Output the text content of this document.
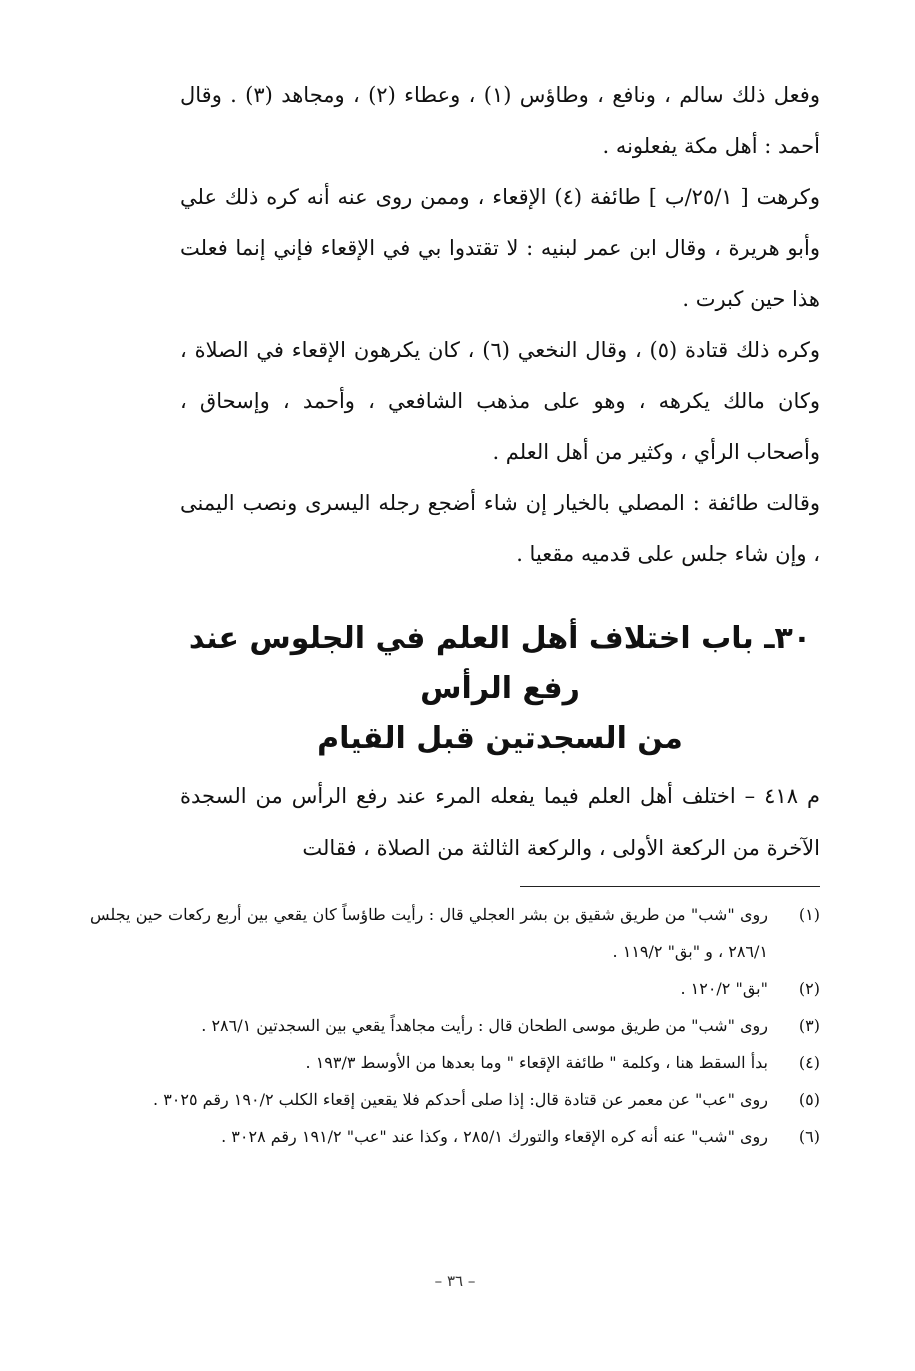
وفعل ذلك سالم ، ونافع ، وطاؤس (١) ، وعطاء (٢) ، ومجاهد (٣) . وقال أحمد : أهل مكة يفعلونه .

وكرهت [ ٢٥/١/ب ] طائفة (٤) الإقعاء ، وممن روى عنه أنه كره ذلك علي وأبو هريرة ، وقال ابن عمر لبنيه : لا تقتدوا بي في الإقعاء فإني إنما فعلت هذا حين كبرت .

وكره ذلك قتادة (٥) ، وقال النخعي (٦) ، كان يكرهون الإقعاء في الصلاة ، وكان مالك يكرهه ، وهو على مذهب الشافعي ، وأحمد ، وإسحاق ، وأصحاب الرأي ، وكثير من أهل العلم .

وقالت طائفة : المصلي بالخيار إن شاء أضجع رجله اليسرى ونصب اليمنى ، وإن شاء جلس على قدميه مقعيا .

٣٠ـ باب اختلاف أهل العلم في الجلوس عند رفع الرأس
من السجدتين قبل القيام

م ٤١٨ – اختلف أهل العلم فيما يفعله المرء عند رفع الرأس من السجدة الآخرة من الركعة الأولى ، والركعة الثالثة من الصلاة ، فقالت

(١)
روى "شب" من طريق شقيق بن بشر العجلي قال : رأيت طاؤساً كان يقعي بين أربع ركعات حين يجلس ٢٨٦/١ ، و "بق" ١١٩/٢ .
(٢)
"بق" ١٢٠/٢ .
(٣)
روى "شب" من طريق موسى الطحان قال : رأيت مجاهداً يقعي بين السجدتين ٢٨٦/١ .
(٤)
بدأ السقط هنا ، وكلمة " طائفة الإقعاء " وما بعدها من الأوسط ١٩٣/٣ .
(٥)
روى "عب" عن معمر عن قتادة قال: إذا صلى أحدكم فلا يقعين إقعاء الكلب ١٩٠/٢ رقم ٣٠٢٥ .
(٦)
روى "شب" عنه أنه كره الإقعاء والتورك ٢٨٥/١ ، وكذا عند "عب" ١٩١/٢ رقم ٣٠٢٨ .
– ٣٦ –
